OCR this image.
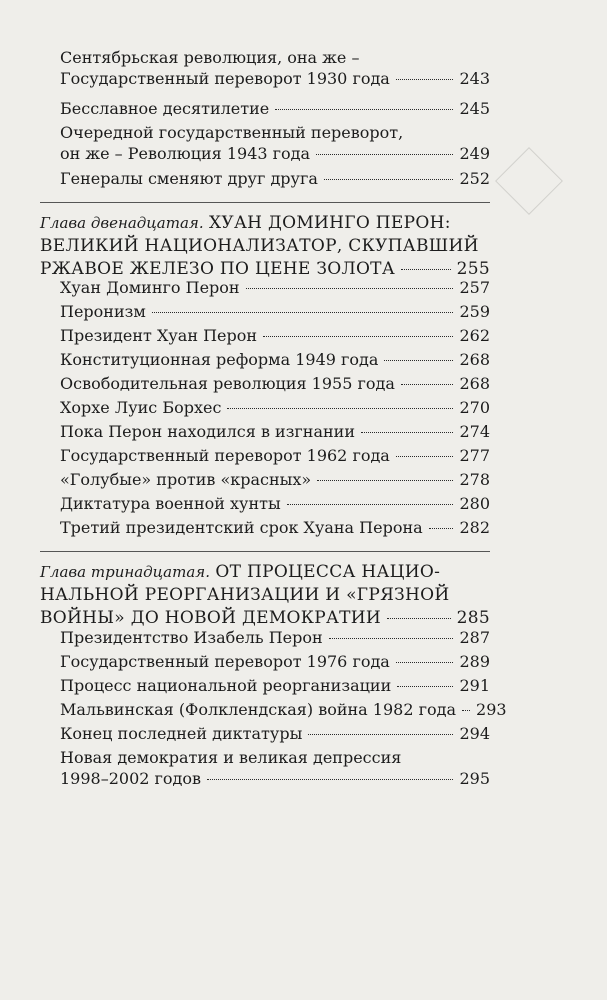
Сентябрьская революция, она же –
Государственный переворот 1930 года	243
Бесславное десятилетие	245
Очередной государственный переворот,
он же – Революция 1943 года	249
Генералы сменяют друг друга	252
Глава двенадцатая. ХУАН ДОМИНГО ПЕРОН:
ВЕЛИКИЙ НАЦИОНАЛИЗАТОР, СКУПАВШИЙ
РЖАВОЕ ЖЕЛЕЗО ПО ЦЕНЕ ЗОЛОТА	255
Хуан Доминго Перон	257
Перонизм	259
Президент Хуан Перон	262
Конституционная реформа 1949 года	268
Освободительная революция 1955 года	268
Хорхе Луис Борхес	270
Пока Перон находился в изгнании	274
Государственный переворот 1962 года	277
«Голубые» против «красных»	278
Диктатура военной хунты	280
Третий президентский срок Хуана Перона 282
Глава тринадцатая. ОТ ПРОЦЕССА НАЦИО-
НАЛЬНОЙ РЕОРГАНИЗАЦИИ И «ГРЯЗНОЙ
ВОЙНЫ» ДО НОВОЙ ДЕМОКРАТИИ	285
Президентство Изабель Перон	287
Государственный переворот 1976 года	289
Процесс национальной реорганизации	291
Мальвинская (Фолклендская) война 1982 года 293
Конец последней диктатуры	294
Новая демократия и великая депрессия
1998–2002 годов	295
